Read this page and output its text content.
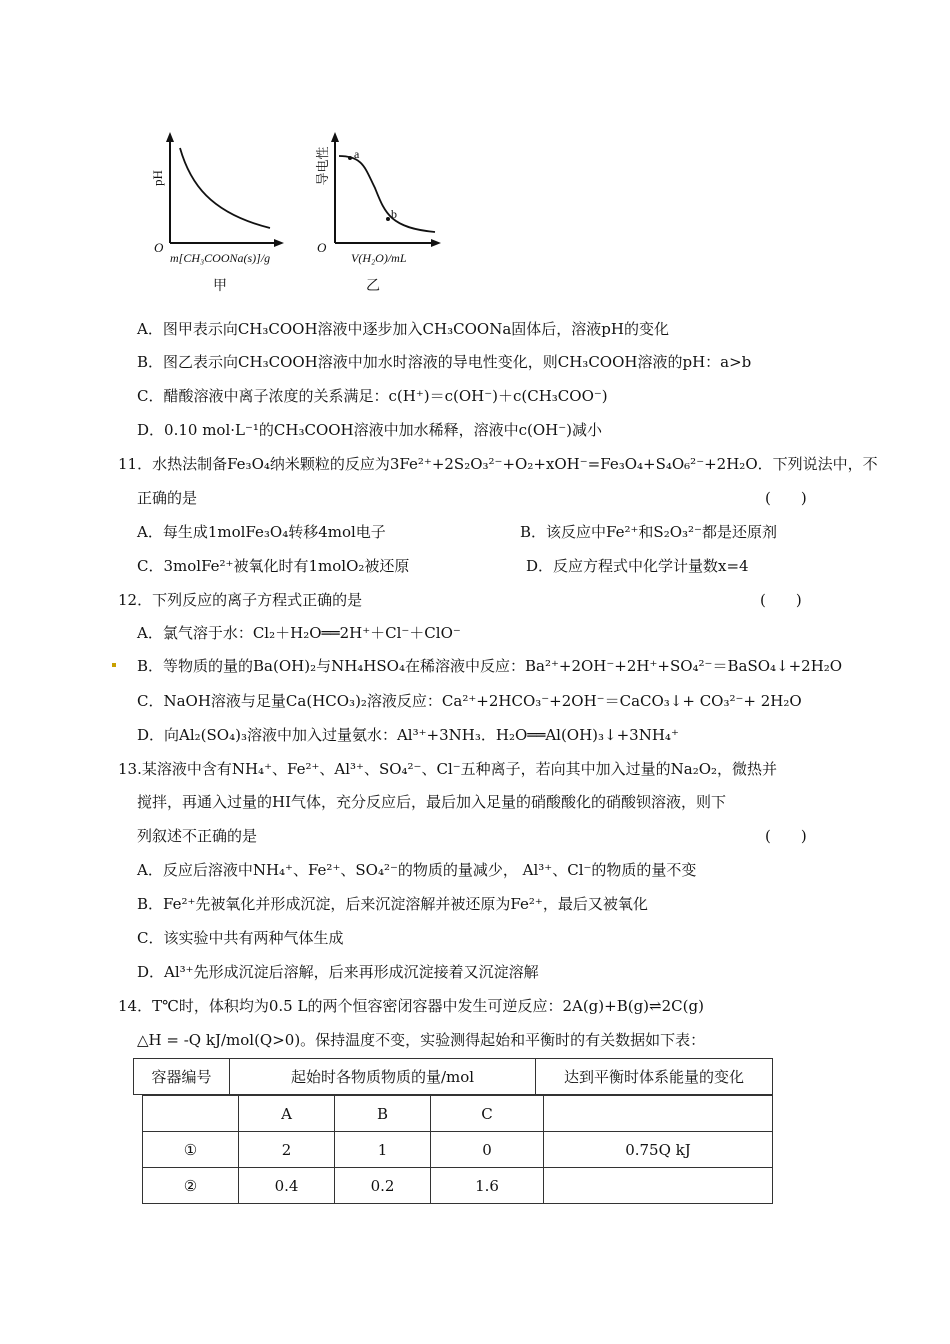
pH
O
m[CH₃COONa(s)]/g
甲
a
b
导电性
O
V(H₂O)/mL
乙
A．图甲表示向CH₃COOH溶液中逐步加入CH₃COONa固体后，溶液pH的变化
B．图乙表示向CH₃COOH溶液中加水时溶液的导电性变化，则CH₃COOH溶液的pH：a>b
C．醋酸溶液中离子浓度的关系满足：c(H⁺)＝c(OH⁻)＋c(CH₃COO⁻)
D．0.10 mol·L⁻¹的CH₃COOH溶液中加水稀释，溶液中c(OH⁻)减小
11．水热法制备Fe₃O₄纳米颗粒的反应为3Fe²⁺+2S₂O₃²⁻+O₂+xOH⁻=Fe₃O₄+S₄O₆²⁻+2H₂O．下列说法中，不
正确的是	(　　)
A．每生成1molFe₃O₄转移4mol电子	B．该反应中Fe²⁺和S₂O₃²⁻都是还原剂
C．3molFe²⁺被氧化时有1molO₂被还原	D．反应方程式中化学计量数x=4
12．下列反应的离子方程式正确的是	(　　)
A．氯气溶于水：Cl₂＋H₂O══2H⁺＋Cl⁻＋ClO⁻
B．等物质的量的Ba(OH)₂与NH₄HSO₄在稀溶液中反应：Ba²⁺+2OH⁻+2H⁺+SO₄²⁻＝BaSO₄↓+2H₂O
C．NaOH溶液与足量Ca(HCO₃)₂溶液反应：Ca²⁺+2HCO₃⁻+2OH⁻＝CaCO₃↓+ CO₃²⁻+ 2H₂O
D．向Al₂(SO₄)₃溶液中加入过量氨水：Al³⁺+3NH₃．H₂O══Al(OH)₃↓+3NH₄⁺
13.某溶液中含有NH₄⁺、Fe²⁺、Al³⁺、SO₄²⁻、Cl⁻五种离子，若向其中加入过量的Na₂O₂，微热并
搅拌，再通入过量的HI气体，充分反应后，最后加入足量的硝酸酸化的硝酸钡溶液，则下
列叙述不正确的是	(　　)
A．反应后溶液中NH₄⁺、Fe²⁺、SO₄²⁻的物质的量减少， Al³⁺、Cl⁻的物质的量不变
B．Fe²⁺先被氧化并形成沉淀，后来沉淀溶解并被还原为Fe²⁺，最后又被氧化
C．该实验中共有两种气体生成
D．Al³⁺先形成沉淀后溶解，后来再形成沉淀接着又沉淀溶解
14．T℃时，体积均为0.5 L的两个恒容密闭容器中发生可逆反应：2A(g)+B(g)⇌2C(g)
△H = -Q kJ/mol(Q>0)。保持温度不变，实验测得起始和平衡时的有关数据如下表：
容器编号	起始时各物质物质的量/mol	达到平衡时体系能量的变化
	A	B	C	
①	2	1	0	0.75Q kJ
②	0.4	0.2	1.6	
